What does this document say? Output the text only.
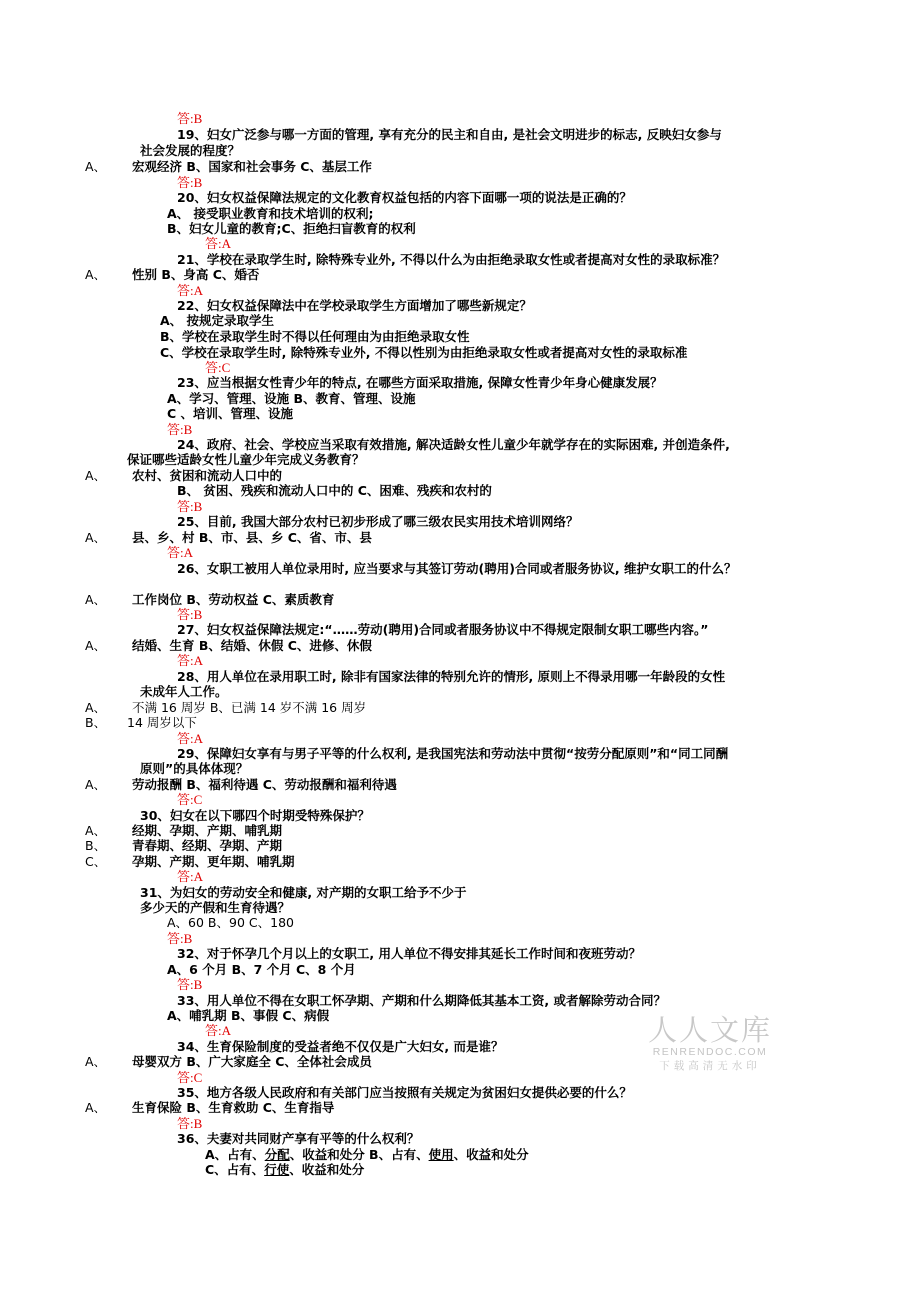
答:B
19、妇女广泛参与哪一方面的管理, 享有充分的民主和自由, 是社会文明进步的标志, 反映妇女参与
社会发展的程度？
A、 宏观经济 B、国家和社会事务 C、基层工作
答:B
20、妇女权益保障法规定的文化教育权益包括的内容下面哪一项的说法是正确的？
A、 接受职业教育和技术培训的权利;
B、妇女儿童的教育;C、拒绝扫盲教育的权利
答:A
21、学校在录取学生时, 除特殊专业外, 不得以什么为由拒绝录取女性或者提高对女性的录取标准？
A、 性别 B、身高 C、婚否
答:A
22、妇女权益保障法中在学校录取学生方面增加了哪些新规定？
A、 按规定录取学生
B、学校在录取学生时不得以任何理由为由拒绝录取女性
C、学校在录取学生时, 除特殊专业外, 不得以性别为由拒绝录取女性或者提高对女性的录取标准
答:C
23、应当根据女性青少年的特点, 在哪些方面采取措施, 保障女性青少年身心健康发展？
A、学习、管理、设施 B、教育、管理、设施
C 、培训、管理、设施
答:B
24、政府、社会、学校应当采取有效措施, 解决适龄女性儿童少年就学存在的实际困难, 并创造条件,
保证哪些适龄女性儿童少年完成义务教育？
A、 农村、贫困和流动人口中的
B、 贫困、残疾和流动人口中的 C、困难、残疾和农村的
答:B
25、目前, 我国大部分农村已初步形成了哪三级农民实用技术培训网络？
A、 县、乡、村 B、市、县、乡 C、省、市、县
答:A
26、女职工被用人单位录用时, 应当要求与其签订劳动(聘用)合同或者服务协议, 维护女职工的什么？
A、 工作岗位 B、劳动权益 C、素质教育
答:B
27、妇女权益保障法规定:“……劳动(聘用)合同或者服务协议中不得规定限制女职工哪些内容。”
A、 结婚、生育 B、结婚、休假 C、进修、休假
答:A
28、用人单位在录用职工时, 除非有国家法律的特别允许的情形, 原则上不得录用哪一年龄段的女性
未成年人工作。
A、 不满 16 周岁 B、已满 14 岁不满 16 周岁
B、 14 周岁以下
答:A
29、保障妇女享有与男子平等的什么权利, 是我国宪法和劳动法中贯彻“按劳分配原则”和“同工同酬
原则”的具体体现？
A、 劳动报酬 B、福利待遇 C、劳动报酬和福利待遇
答:C
30、妇女在以下哪四个时期受特殊保护？
A、 经期、孕期、产期、哺乳期
B、 青春期、经期、孕期、产期
C、 孕期、产期、更年期、哺乳期
答:A
31、为妇女的劳动安全和健康, 对产期的女职工给予不少于
多少天的产假和生育待遇？
A、60 B、90 C、180
答:B
32、对于怀孕几个月以上的女职工, 用人单位不得安排其延长工作时间和夜班劳动？
A、6 个月 B、7 个月 C、8 个月
答:B
33、用人单位不得在女职工怀孕期、产期和什么期降低其基本工资, 或者解除劳动合同？
A、哺乳期 B、事假 C、病假
答:A
34、生育保险制度的受益者绝不仅仅是广大妇女, 而是谁？
A、 母婴双方 B、广大家庭全 C、全体社会成员
答:C
35、地方各级人民政府和有关部门应当按照有关规定为贫困妇女提供必要的什么？
A、 生育保险 B、生育救助 C、生育指导
答:B
36、夫妻对共同财产享有平等的什么权利？
A、占有、分配、收益和处分 B、占有、使用、收益和处分
C、占有、行使、收益和处分
人人文库
RENRENDOC.COM
下载高清无水印
